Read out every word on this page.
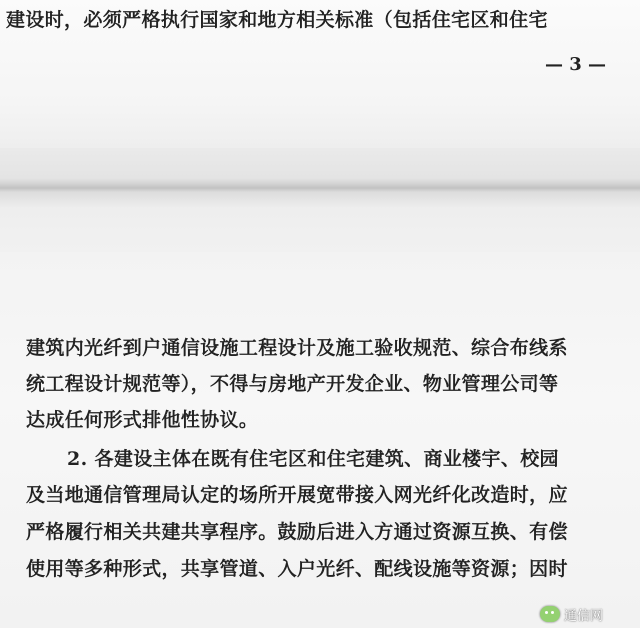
建设时，必须严格执行国家和地方相关标准（包括住宅区和住宅
— 3 —
建筑内光纤到户通信设施工程设计及施工验收规范、综合布线系
统工程设计规范等），不得与房地产开发企业、物业管理公司等
达成任何形式排他性协议。
2. 各建设主体在既有住宅区和住宅建筑、商业楼宇、校园
及当地通信管理局认定的场所开展宽带接入网光纤化改造时，应
严格履行相关共建共享程序。鼓励后进入方通过资源互换、有偿
使用等多种形式，共享管道、入户光纤、配线设施等资源；因时
通信网
